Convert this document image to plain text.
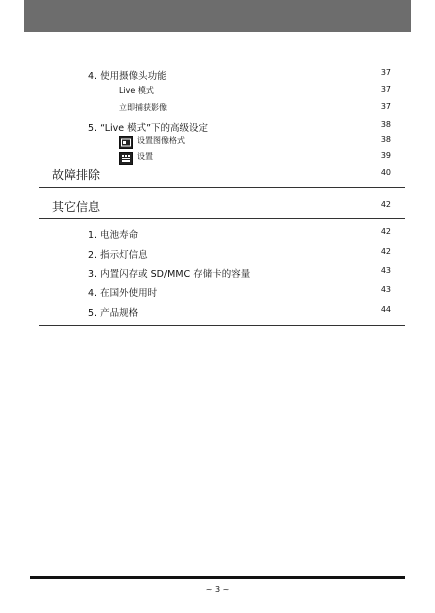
4. 使用摄像头功能	37
Live 模式	37
立即捕获影像	37
5. “Live 模式”下的高级设定	38
设置图像格式	38
设置	39
故障排除	40
其它信息	42
1. 电池寿命	42
2. 指示灯信息	42
3. 内置闪存或 SD/MMC 存储卡的容量	43
4. 在国外使用时	43
5. 产品规格	44
~ 3 ~
